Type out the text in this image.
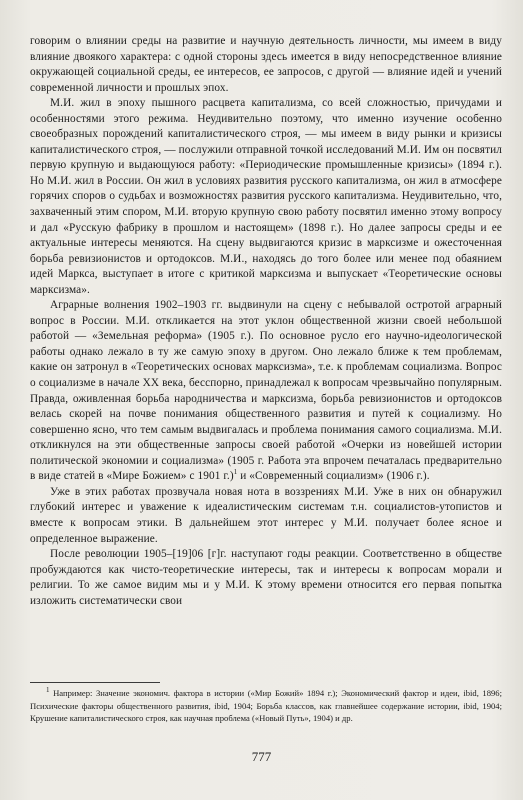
говорим о влиянии среды на развитие и научную деятельность личности, мы имеем в виду влияние двоякого характера: с одной стороны здесь имеется в виду непосредственное влияние окружающей социальной среды, ее интересов, ее запросов, с другой — влияние идей и учений современной личности и прошлых эпох.

М.И. жил в эпоху пышного расцвета капитализма, со всей сложностью, причудами и особенностями этого режима. Неудивительно поэтому, что именно изучение особенно своеобразных порождений капиталистического строя, — мы имеем в виду рынки и кризисы капиталистического строя, — послужили отправной точкой исследований М.И. Им он посвятил первую крупную и выдающуюся работу: «Периодические промышленные кризисы» (1894 г.). Но М.И. жил в России. Он жил в условиях развития русского капитализма, он жил в атмосфере горячих споров о судьбах и возможностях развития русского капитализма. Неудивительно, что, захваченный этим спором, М.И. вторую крупную свою работу посвятил именно этому вопросу и дал «Русскую фабрику в прошлом и настоящем» (1898 г.). Но далее запросы среды и ее актуальные интересы меняются. На сцену выдвигаются кризис в марксизме и ожесточенная борьба ревизионистов и ортодоксов. М.И., находясь до того более или менее под обаянием идей Маркса, выступает в итоге с критикой марксизма и выпускает «Теоретические основы марксизма».

Аграрные волнения 1902–1903 гг. выдвинули на сцену с небывалой остротой аграрный вопрос в России. М.И. откликается на этот уклон общественной жизни своей небольшой работой — «Земельная реформа» (1905 г.). По основное русло его научно-идеологической работы однако лежало в ту же самую эпоху в другом. Оно лежало ближе к тем проблемам, какие он затронул в «Теоретических основах марксизма», т.е. к проблемам социализма. Вопрос о социализме в начале XX века, бесспорно, принадлежал к вопросам чрезвычайно популярным. Правда, оживленная борьба народничества и марксизма, борьба ревизионистов и ортодоксов велась скорей на почве понимания общественного развития и путей к социализму. Но совершенно ясно, что тем самым выдвигалась и проблема понимания самого социализма. М.И. откликнулся на эти общественные запросы своей работой «Очерки из новейшей истории политической экономии и социализма» (1905 г. Работа эта впрочем печаталась предварительно в виде статей в «Мире Божием» с 1901 г.)$^1$ и «Современный социализм» (1906 г.).

Уже в этих работах прозвучала новая нота в воззрениях М.И. Уже в них он обнаружил глубокий интерес и уважение к идеалистическим системам т.н. социалистов-утопистов и вместе к вопросам этики. В дальнейшем этот интерес у М.И. получает более ясное и определенное выражение.

После революции 1905–[19]06 [г]г. наступают годы реакции. Соответственно в обществе пробуждаются как чисто-теоретические интересы, так и интересы к вопросам морали и религии. То же самое видим мы и у М.И. К этому времени относится его первая попытка изложить систематически свои

$^1$ Например: Значение экономич. фактора в истории («Мир Божий» 1894 г.); Экономический фактор и идеи, ibid, 1896; Психические факторы общественного развития, ibid, 1904; Борьба классов, как главнейшее содержание истории, ibid, 1904; Крушение капиталистического строя, как научная проблема («Новый Путь», 1904) и др.
777
